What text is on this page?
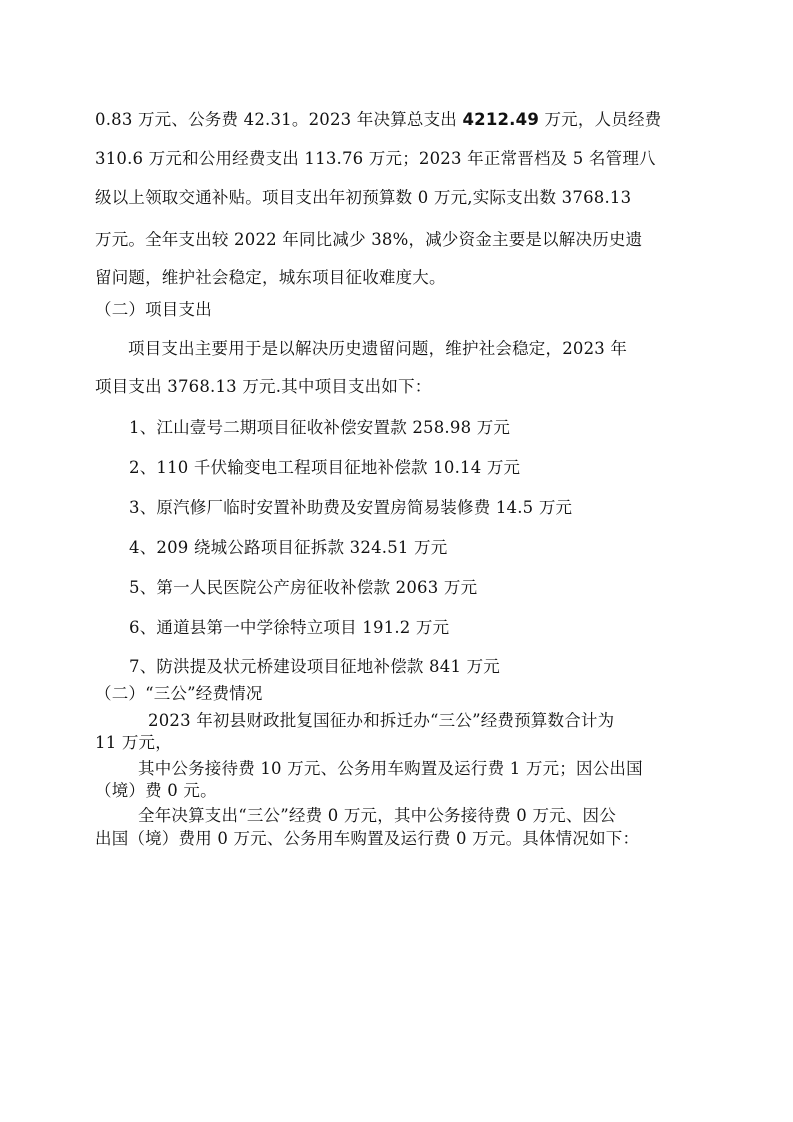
0.83 万元、公务费 42.31。2023 年决算总支出 4212.49 万元，人员经费
310.6 万元和公用经费支出 113.76 万元；2023 年正常晋档及 5 名管理八
级以上领取交通补贴。项目支出年初预算数 0 万元,实际支出数 3768.13
万元。全年支出较 2022 年同比减少 38%，减少资金主要是以解决历史遗
留问题，维护社会稳定，城东项目征收难度大。
（二）项目支出
项目支出主要用于是以解决历史遗留问题，维护社会稳定，2023 年
项目支出 3768.13 万元.其中项目支出如下：
1、江山壹号二期项目征收补偿安置款 258.98 万元
2、110 千伏输变电工程项目征地补偿款 10.14 万元
3、原汽修厂临时安置补助费及安置房简易装修费 14.5 万元
4、209 绕城公路项目征拆款 324.51 万元
5、第一人民医院公产房征收补偿款 2063 万元
6、通道县第一中学徐特立项目 191.2 万元
7、防洪提及状元桥建设项目征地补偿款 841 万元
（二）“三公”经费情况
2023 年初县财政批复国征办和拆迁办“三公”经费预算数合计为
11 万元，
其中公务接待费 10 万元、公务用车购置及运行费 1 万元；因公出国
（境）费 0 元。
全年决算支出“三公”经费 0 万元，其中公务接待费 0 万元、因公
出国（境）费用 0 万元、公务用车购置及运行费 0 万元。具体情况如下：
